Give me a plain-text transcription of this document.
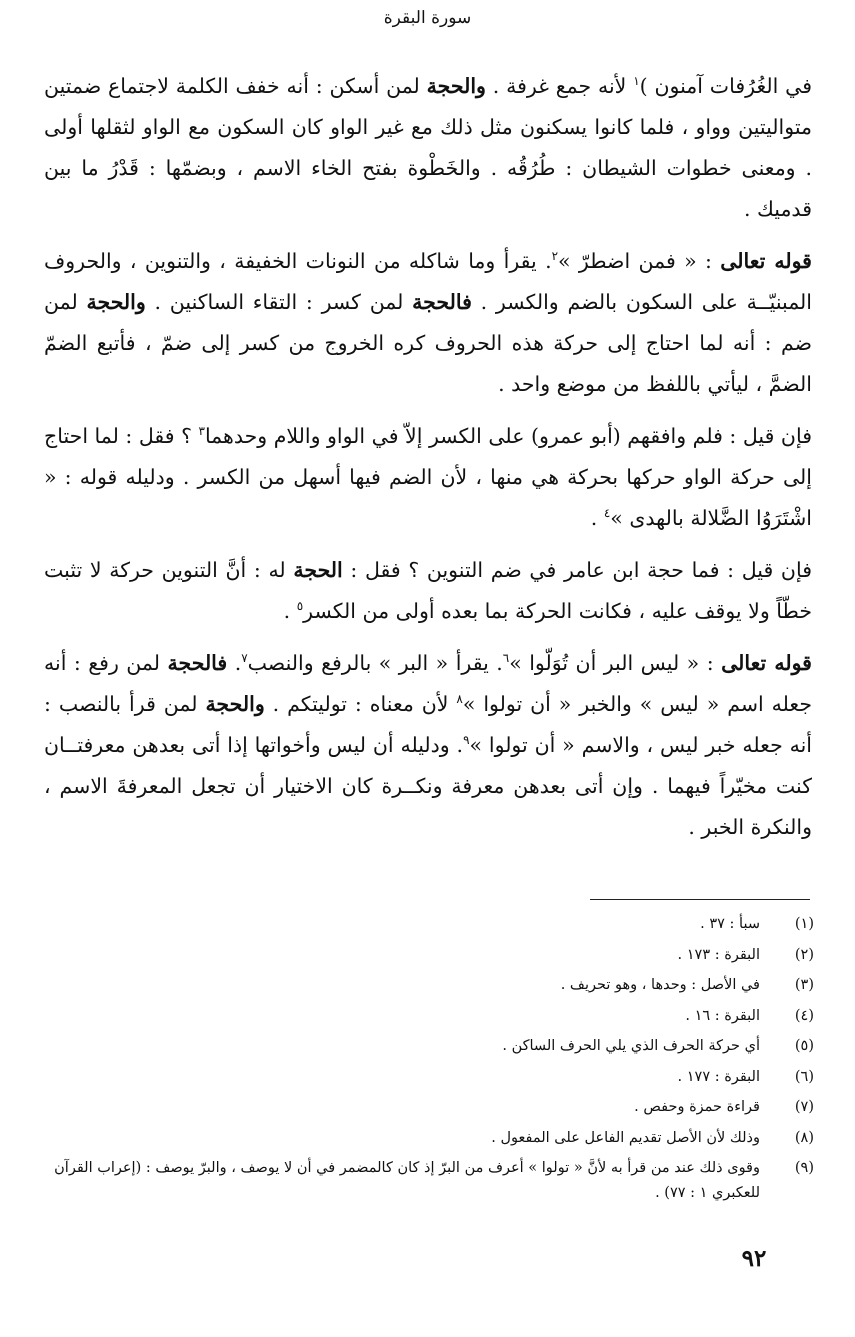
سورة البقرة

في الغُرُفات آمنون )$^١$ لأنه جمع غرفة . والحجة لمن أسكن : أنه خفف الكلمة لاجتماع ضمتين متواليتين وواو ، فلما كانوا يسكنون مثل ذلك مع غير الواو كان السكون مع الواو لثقلها أولى . ومعنى خطوات الشيطان : طُرُقُه . والخَطْوة بفتح الخاء الاسم ، وبضمّها : قَدْرُ ما بين قدميك .

قوله تعالى : « فمن اضطرّ »$^٢$. يقرأ وما شاكله من النونات الخفيفة ، والتنوين ، والحروف المبنيّــة على السكون بالضم والكسر . فالحجة لمن كسر : التقاء الساكنين . والحجة لمن ضم : أنه لما احتاج إلى حركة هذه الحروف كره الخروج من كسر إلى ضمّ ، فأتبع الضمّ الضمَّ ، ليأتي باللفظ من موضع واحد .

فإن قيل : فلم وافقهم (أبو عمرو) على الكسر إلاّ في الواو واللام وحدهما$^٣$ ؟ فقل : لما احتاج إلى حركة الواو حركها بحركة هي منها ، لأن الضم فيها أسهل من الكسر . ودليله قوله : « اشْتَرَوُا الضَّلالة بالهدى »$^٤$ .

فإن قيل : فما حجة ابن عامر في ضم التنوين ؟ فقل : الحجة له : أنَّ التنوين حركة لا تثبت خطّاً ولا يوقف عليه ، فكانت الحركة بما بعده أولى من الكسر$^٥$ .

قوله تعالى : « ليس البر أن تُوَلّوا »$^٦$. يقرأ « البر » بالرفع والنصب$^٧$. فالحجة لمن رفع : أنه جعله اسم « ليس » والخبر « أن تولوا »$^٨$ لأن معناه : توليتكم . والحجة لمن قرأ بالنصب : أنه جعله خبر ليس ، والاسم « أن تولوا »$^٩$. ودليله أن ليس وأخواتها إذا أتى بعدهن معرفتــان كنت مخيّراً فيهما . وإن أتى بعدهن معرفة ونكــرة كان الاختيار أن تجعل المعرفةَ الاسم ، والنكرة الخبر .

(١)
سبأ : ٣٧ .
(٢)
البقرة : ١٧٣ .
(٣)
في الأصل : وحدها ، وهو تحريف .
(٤)
البقرة : ١٦ .
(٥)
أي حركة الحرف الذي يلي الحرف الساكن .
(٦)
البقرة : ١٧٧ .
(٧)
قراءة حمزة وحفص .
(٨)
وذلك لأن الأصل تقديم الفاعل على المفعول .
(٩)
وقوى ذلك عند من قرأ به لأنَّ « تولوا » أعرف من البرّ إذ كان كالمضمر في أن لا يوصف ، والبرّ يوصف : (إعراب القرآن للعكبري ١ : ٧٧) .
٩٢
